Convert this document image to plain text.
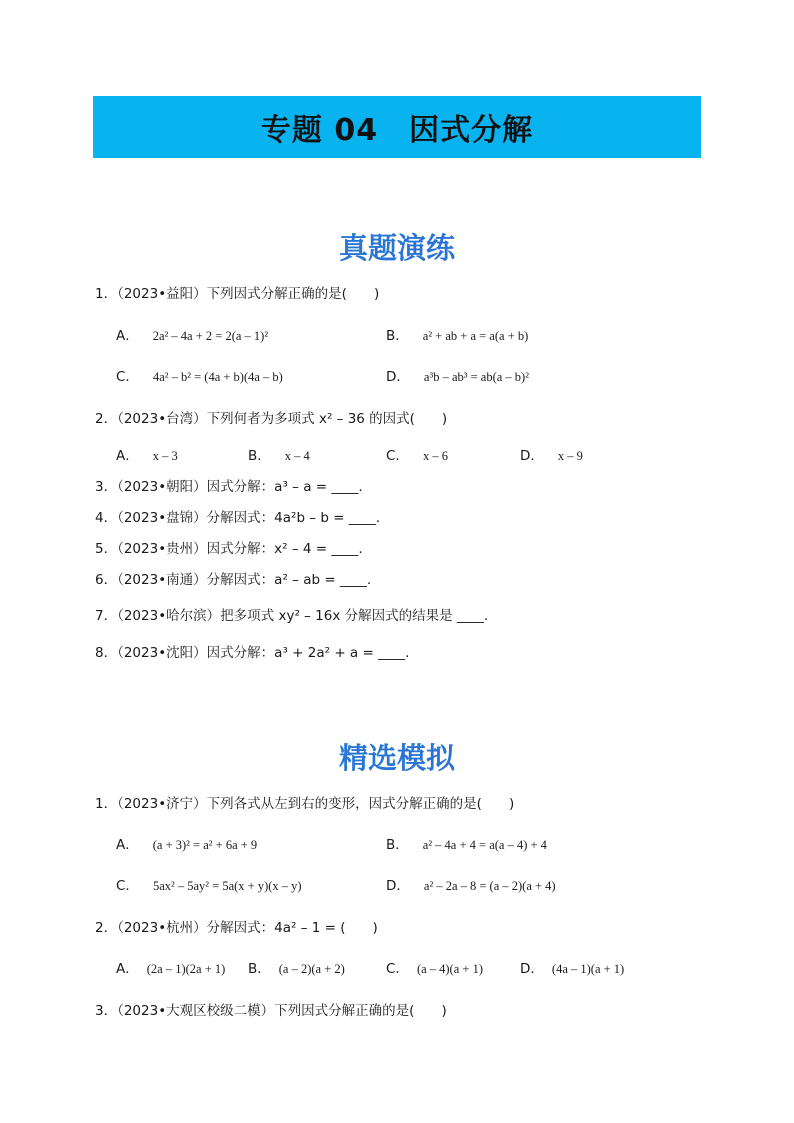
专题 04　因式分解
真题演练
1．（2023•益阳）下列因式分解正确的是(　　)
A． 2a² – 4a + 2 = 2(a – 1)²	B． a² + ab + a = a(a + b)
C． 4a² – b² = (4a + b)(4a – b)	D． a³b – ab³ = ab(a – b)²
2．（2023•台湾）下列何者为多项式 x² – 36 的因式(　　)
A． x – 3	B． x – 4	C． x – 6	D． x – 9
3．（2023•朝阳）因式分解：a³ – a = ____.
4．（2023•盘锦）分解因式：4a²b – b = ____.
5．（2023•贵州）因式分解：x² – 4 = ____.
6．（2023•南通）分解因式：a² – ab = ____.
7．（2023•哈尔滨）把多项式 xy² – 16x 分解因式的结果是 ____.
8．（2023•沈阳）因式分解：a³ + 2a² + a = ____.
精选模拟
1．（2023•济宁）下列各式从左到右的变形，因式分解正确的是(　　)
A． (a + 3)² = a² + 6a + 9	B． a² – 4a + 4 = a(a – 4) + 4
C． 5ax² – 5ay² = 5a(x + y)(x – y)	D． a² – 2a – 8 = (a – 2)(a + 4)
2．（2023•杭州）分解因式：4a² – 1 = (　　)
A． (2a – 1)(2a + 1) B． (a – 2)(a + 2)	C． (a – 4)(a + 1)	D． (4a – 1)(a + 1)
3．（2023•大观区校级二模）下列因式分解正确的是(　　)
